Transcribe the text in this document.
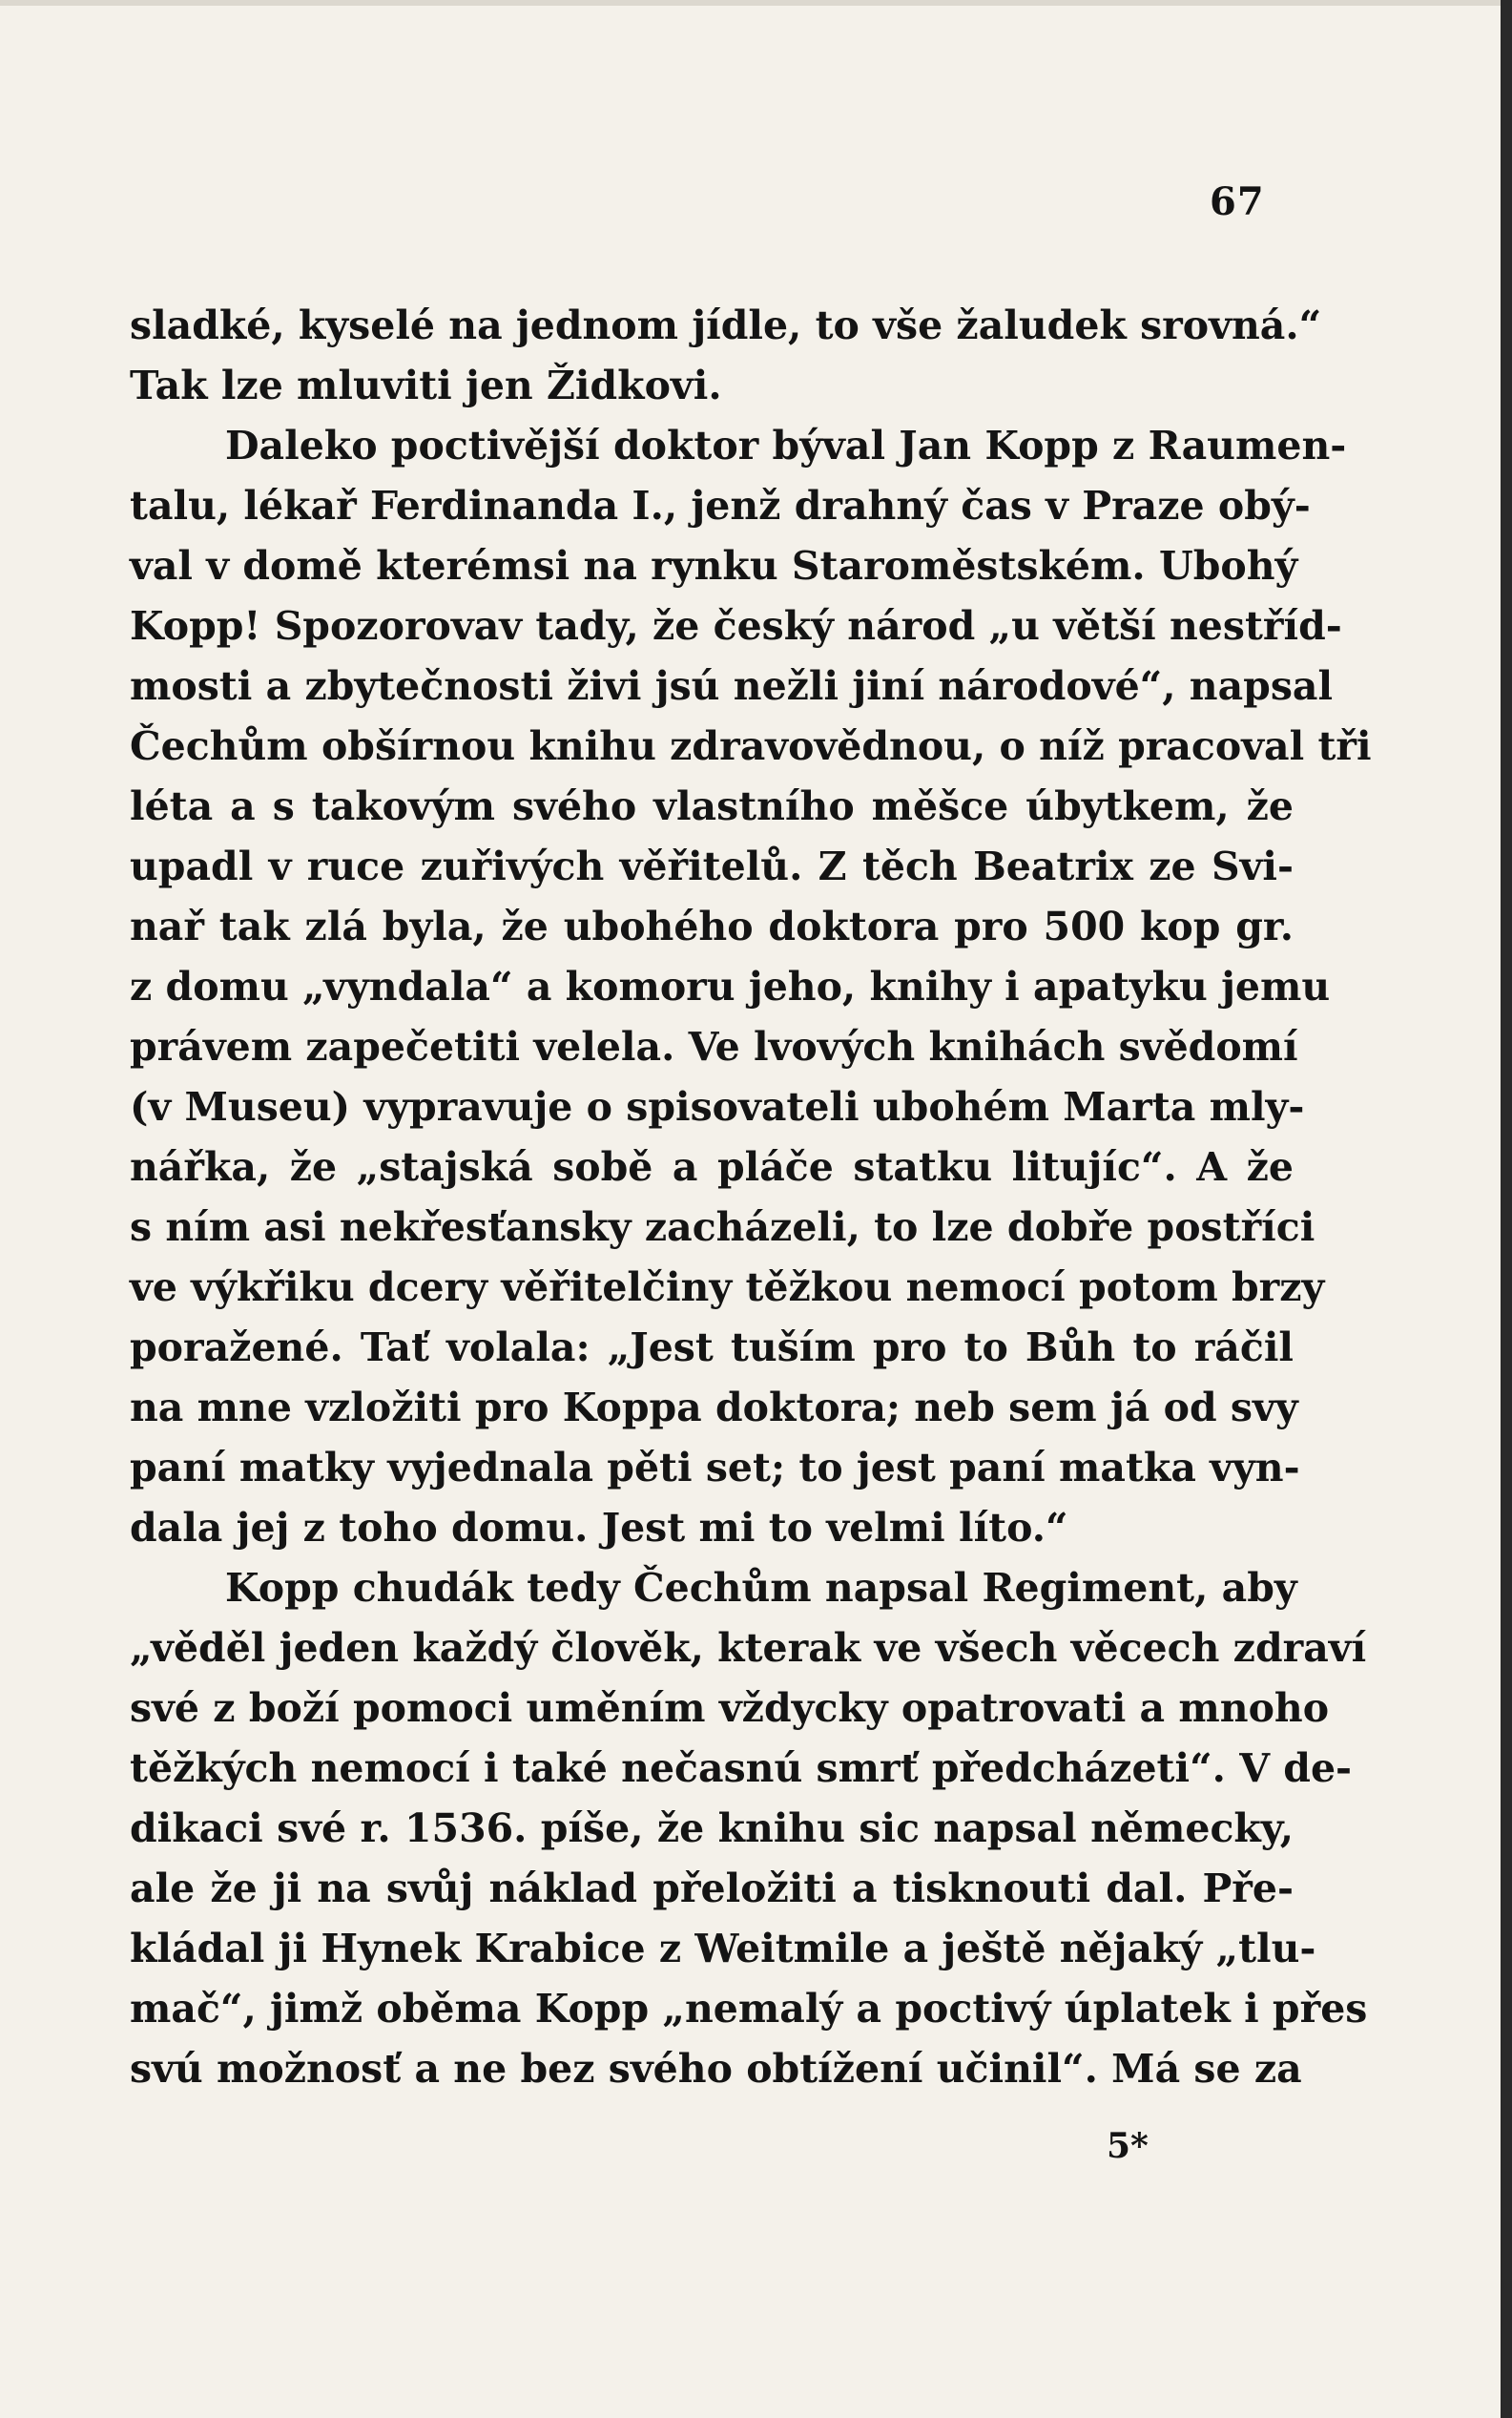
67
sladké, kyselé na jednom jídle, to vše žaludek srovná.“
Tak lze mluviti jen Židkovi.
Daleko poctivější doktor býval Jan Kopp z Raumen-
talu, lékař Ferdinanda I., jenž drahný čas v Praze obý-
val v domě kterémsi na rynku Staroměstském. Ubohý
Kopp! Spozorovav tady, že český národ „u větší nestříd-
mosti a zbytečnosti živi jsú nežli jiní národové“, napsal
Čechům obšírnou knihu zdravovědnou, o níž pracoval tři
léta a s takovým svého vlastního měšce úbytkem, že
upadl v ruce zuřivých věřitelů. Z těch Beatrix ze Svi-
nař tak zlá byla, že ubohého doktora pro 500 kop gr.
z domu „vyndala“ a komoru jeho, knihy i apatyku jemu
právem zapečetiti velela. Ve lvových knihách svědomí
(v Museu) vypravuje o spisovateli ubohém Marta mly-
nářka, že „stajská sobě a pláče statku litujíc“. A že
s ním asi nekřesťansky zacházeli, to lze dobře postříci
ve výkřiku dcery věřitelčiny těžkou nemocí potom brzy
poražené. Tať volala: „Jest tuším pro to Bůh to ráčil
na mne vzložiti pro Koppa doktora; neb sem já od svy
paní matky vyjednala pěti set; to jest paní matka vyn-
dala jej z toho domu. Jest mi to velmi líto.“
Kopp chudák tedy Čechům napsal Regiment, aby
„věděl jeden každý člověk, kterak ve všech věcech zdraví
své z boží pomoci uměním vždycky opatrovati a mnoho
těžkých nemocí i také nečasnú smrť předcházeti“. V de-
dikaci své r. 1536. píše, že knihu sic napsal německy,
ale že ji na svůj náklad přeložiti a tisknouti dal. Pře-
kládal ji Hynek Krabice z Weitmile a ještě nějaký „tlu-
mač“, jimž oběma Kopp „nemalý a poctivý úplatek i přes
svú možnosť a ne bez svého obtížení učinil“. Má se za
5*
